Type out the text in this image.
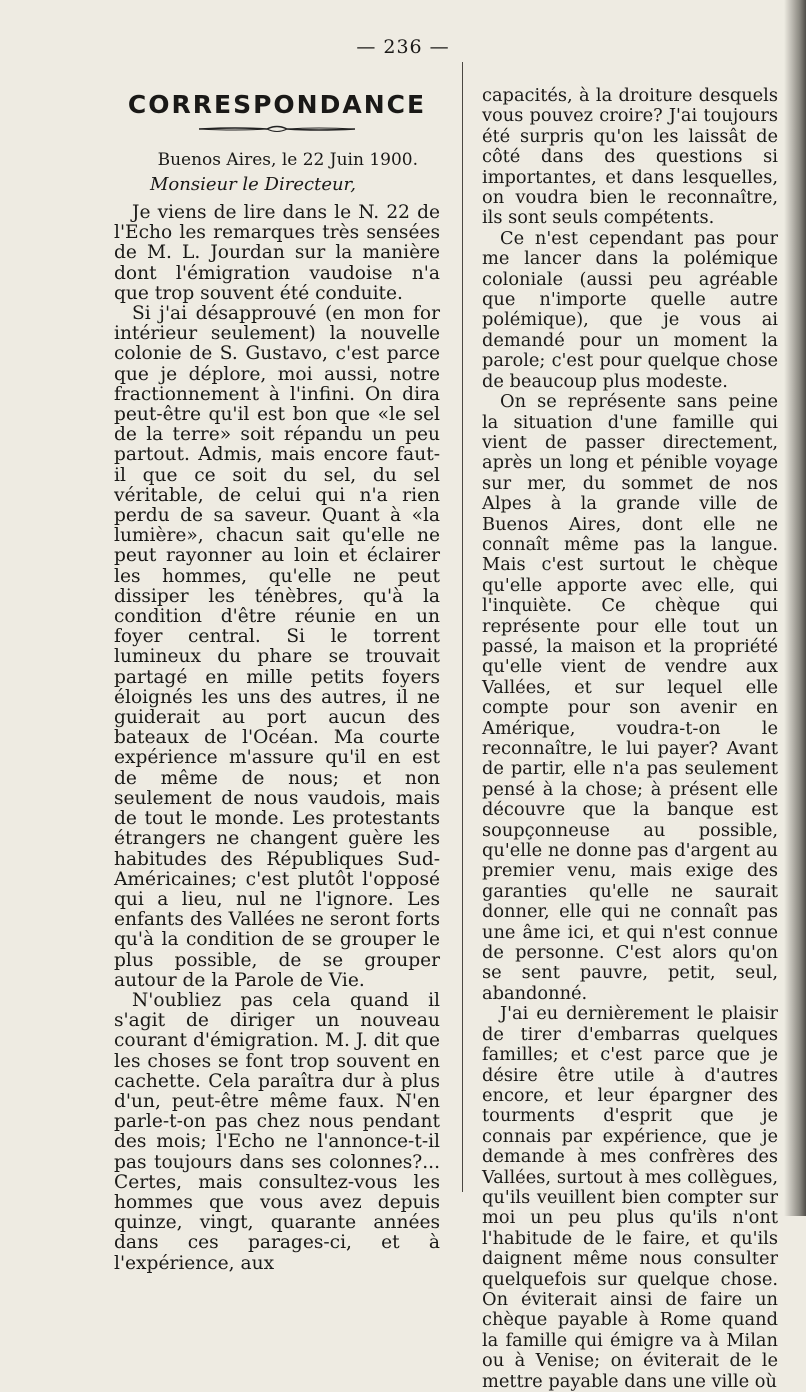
— 236 —
CORRESPONDANCE
Buenos Aires, le 22 Juin 1900.
Monsieur le Directeur,

Je viens de lire dans le N. 22 de l'Echo les remarques très sensées de M. L. Jourdan sur la manière dont l'émigration vaudoise n'a que trop souvent été conduite.

Si j'ai désapprouvé (en mon for intérieur seulement) la nouvelle colonie de S. Gustavo, c'est parce que je déplore, moi aussi, notre fractionnement à l'infini. On dira peut-être qu'il est bon que «le sel de la terre» soit répandu un peu partout. Admis, mais encore faut-il que ce soit du sel, du sel véritable, de celui qui n'a rien perdu de sa saveur. Quant à «la lumière», chacun sait qu'elle ne peut rayonner au loin et éclairer les hommes, qu'elle ne peut dissiper les ténèbres, qu'à la condition d'être réunie en un foyer central. Si le torrent lumineux du phare se trouvait partagé en mille petits foyers éloignés les uns des autres, il ne guiderait au port aucun des bateaux de l'Océan. Ma courte expérience m'assure qu'il en est de même de nous; et non seulement de nous vaudois, mais de tout le monde. Les protestants étrangers ne changent guère les habitudes des Républiques Sud-Américaines; c'est plutôt l'opposé qui a lieu, nul ne l'ignore. Les enfants des Vallées ne seront forts qu'à la condition de se grouper le plus possible, de se grouper autour de la Parole de Vie.

N'oubliez pas cela quand il s'agit de diriger un nouveau courant d'émigration. M. J. dit que les choses se font trop souvent en cachette. Cela paraîtra dur à plus d'un, peut-être même faux. N'en parle-t-on pas chez nous pendant des mois; l'Echo ne l'annonce-t-il pas toujours dans ses colonnes?... Certes, mais consultez-vous les hommes que vous avez depuis quinze, vingt, quarante années dans ces parages-ci, et à l'expérience, aux

capacités, à la droiture desquels vous pouvez croire? J'ai toujours été surpris qu'on les laissât de côté dans des questions si importantes, et dans lesquelles, on voudra bien le reconnaître, ils sont seuls compétents.

Ce n'est cependant pas pour me lancer dans la polémique coloniale (aussi peu agréable que n'importe quelle autre polémique), que je vous ai demandé pour un moment la parole; c'est pour quelque chose de beaucoup plus modeste.

On se représente sans peine la situation d'une famille qui vient de passer directement, après un long et pénible voyage sur mer, du sommet de nos Alpes à la grande ville de Buenos Aires, dont elle ne connaît même pas la langue. Mais c'est surtout le chèque qu'elle apporte avec elle, qui l'inquiète. Ce chèque qui représente pour elle tout un passé, la maison et la propriété qu'elle vient de vendre aux Vallées, et sur lequel elle compte pour son avenir en Amérique, voudra-t-on le reconnaître, le lui payer? Avant de partir, elle n'a pas seulement pensé à la chose; à présent elle découvre que la banque est soupçonneuse au possible, qu'elle ne donne pas d'argent au premier venu, mais exige des garanties qu'elle ne saurait donner, elle qui ne connaît pas une âme ici, et qui n'est connue de personne. C'est alors qu'on se sent pauvre, petit, seul, abandonné.

J'ai eu dernièrement le plaisir de tirer d'embarras quelques familles; et c'est parce que je désire être utile à d'autres encore, et leur épargner des tourments d'esprit que je connais par expérience, que je demande à mes confrères des Vallées, surtout à mes collègues, qu'ils veuillent bien compter sur moi un peu plus qu'ils n'ont l'habitude de le faire, et qu'ils daignent même nous consulter quelquefois sur quelque chose. On éviterait ainsi de faire un chèque payable à Rome quand la famille qui émigre va à Milan ou à Venise; on éviterait de le mettre payable dans une ville où
